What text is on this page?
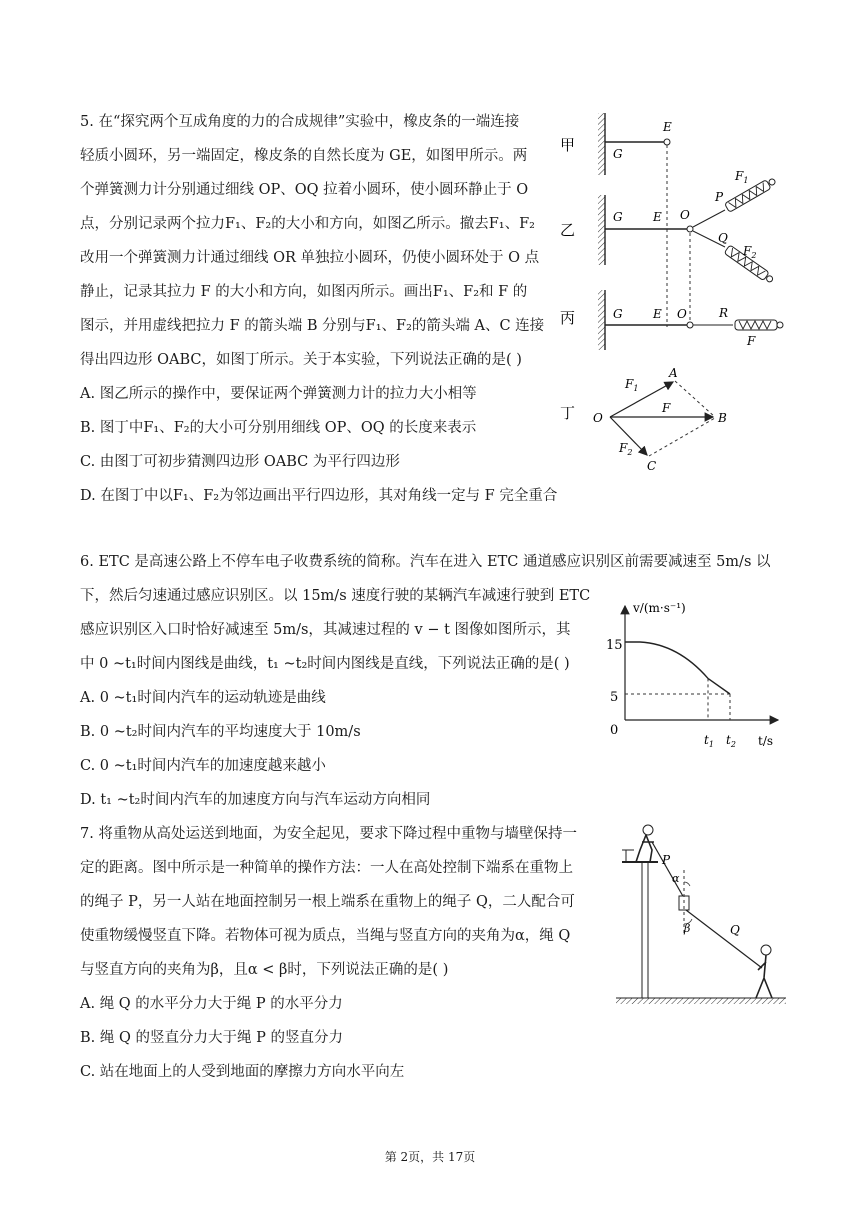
5. 在“探究两个互成角度的力的合成规律”实验中，橡皮条的一端连接
轻质小圆环，另一端固定，橡皮条的自然长度为 GE，如图甲所示。两
个弹簧测力计分别通过细线 OP、OQ 拉着小圆环，使小圆环静止于 O
点，分别记录两个拉力F₁、F₂的大小和方向，如图乙所示。撤去F₁、F₂
改用一个弹簧测力计通过细线 OR 单独拉小圆环，仍使小圆环处于 O 点
静止，记录其拉力 F 的大小和方向，如图丙所示。画出F₁、F₂和 F 的
图示，并用虚线把拉力 F 的箭头端 B 分别与F₁、F₂的箭头端 A、C 连接
得出四边形 OABC，如图丁所示。关于本实验，下列说法正确的是( )
A. 图乙所示的操作中，要保证两个弹簧测力计的拉力大小相等
B. 图丁中F₁、F₂的大小可分别用细线 OP、OQ 的长度来表示
C. 由图丁可初步猜测四边形 OABC 为平行四边形
D. 在图丁中以F₁、F₂为邻边画出平行四边形，其对角线一定与 F 完全重合
甲
乙
丙
丁
G
E
G	E O
P
Q
$F_1$
$F_2$
G	E O	R
F
O
A
B
C
$F_1$
F
$F_2$
6. ETC 是高速公路上不停车电子收费系统的简称。汽车在进入 ETC 通道感应识别区前需要减速至 5m/s 以
下，然后匀速通过感应识别区。以 15m/s 速度行驶的某辆汽车减速行驶到 ETC
感应识别区入口时恰好减速至 5m/s，其减速过程的 v − t 图像如图所示，其
中 0 ~t₁时间内图线是曲线，t₁ ~t₂时间内图线是直线，下列说法正确的是( )
A. 0 ~t₁时间内汽车的运动轨迹是曲线
B. 0 ~t₂时间内汽车的平均速度大于 10m/s
C. 0 ~t₁时间内汽车的加速度越来越小
D. t₁ ~t₂时间内汽车的加速度方向与汽车运动方向相同
v/(m·s⁻¹)
t/s
15
5
0
$t_1$ $t_2$
7. 将重物从高处运送到地面，为安全起见，要求下降过程中重物与墙壁保持一
定的距离。图中所示是一种简单的操作方法：一人在高处控制下端系在重物上
的绳子 P，另一人站在地面控制另一根上端系在重物上的绳子 Q，二人配合可
使重物缓慢竖直下降。若物体可视为质点，当绳与竖直方向的夹角为α，绳 Q
与竖直方向的夹角为β，且α < β时，下列说法正确的是( )
A. 绳 Q 的水平分力大于绳 P 的水平分力
B. 绳 Q 的竖直分力大于绳 P 的竖直分力
C. 站在地面上的人受到地面的摩擦力方向水平向左
P
α
β	Q
第 2页，共 17页
